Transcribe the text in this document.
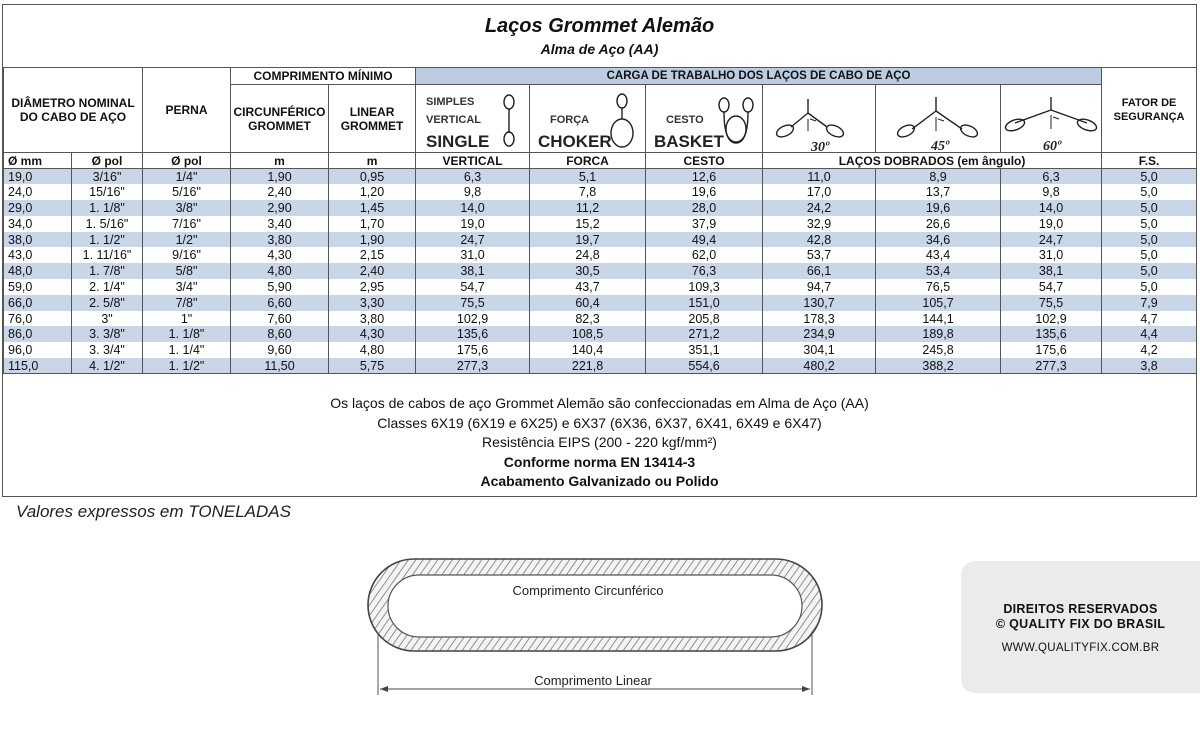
Laços Grommet Alemão
Alma de Aço (AA)
DIÂMETRO NOMINAL DO CABO DE AÇO		PERNA	COMPRIMENTO MÍNIMO		CARGA DE TRABALHO DOS LAÇOS DE CABO DE AÇO						FATOR DE SEGURANÇA

SIMPLES
VERTICAL
SINGLE	FORÇA
CHOKER	CESTO
BASKET	30º	45º	60º	

			CIRCUNFÉRICO GROMMET	LINEAR GROMMET							
Ø mm	Ø pol	Ø pol	m	m	VERTICAL	FORCA	CESTO	LAÇOS DOBRADOS (em ângulo)			F.S.
19,0	3/16"	1/4"	1,90	0,95	6,3	5,1	12,6	11,0	8,9	6,3	5,0
24,0	15/16"	5/16"	2,40	1,20	9,8	7,8	19,6	17,0	13,7	9,8	5,0
29,0	1. 1/8"	3/8"	2,90	1,45	14,0	11,2	28,0	24,2	19,6	14,0	5,0
34,0	1. 5/16"	7/16"	3,40	1,70	19,0	15,2	37,9	32,9	26,6	19,0	5,0
38,0	1. 1/2"	1/2"	3,80	1,90	24,7	19,7	49,4	42,8	34,6	24,7	5,0
43,0	1. 11/16"	9/16"	4,30	2,15	31,0	24,8	62,0	53,7	43,4	31,0	5,0
48,0	1. 7/8"	5/8"	4,80	2,40	38,1	30,5	76,3	66,1	53,4	38,1	5,0
59,0	2. 1/4"	3/4"	5,90	2,95	54,7	43,7	109,3	94,7	76,5	54,7	5,0
66,0	2. 5/8"	7/8"	6,60	3,30	75,5	60,4	151,0	130,7	105,7	75,5	7,9
76,0	3"	1"	7,60	3,80	102,9	82,3	205,8	178,3	144,1	102,9	4,7
86,0	3. 3/8"	1. 1/8"	8,60	4,30	135,6	108,5	271,2	234,9	189,8	135,6	4,4
96,0	3. 3/4"	1. 1/4"	9,60	4,80	175,6	140,4	351,1	304,1	245,8	175,6	4,2
115,0	4. 1/2"	1. 1/2"	11,50	5,75	277,3	221,8	554,6	480,2	388,2	277,3	3,8
Os laços de cabos de aço Grommet Alemão são confeccionadas em Alma de Aço (AA)
Classes 6X19 (6X19 e 6X25) e 6X37 (6X36, 6X37, 6X41, 6X49 e 6X47)
Resistência EIPS (200 - 220 kgf/mm²)
Conforme norma EN 13414-3
Acabamento Galvanizado ou Polido
Valores expressos em TONELADAS
Comprimento Circunférico
Comprimento Linear
DIREITOS RESERVADOS
© QUALITY FIX DO BRASIL
WWW.QUALITYFIX.COM.BR
